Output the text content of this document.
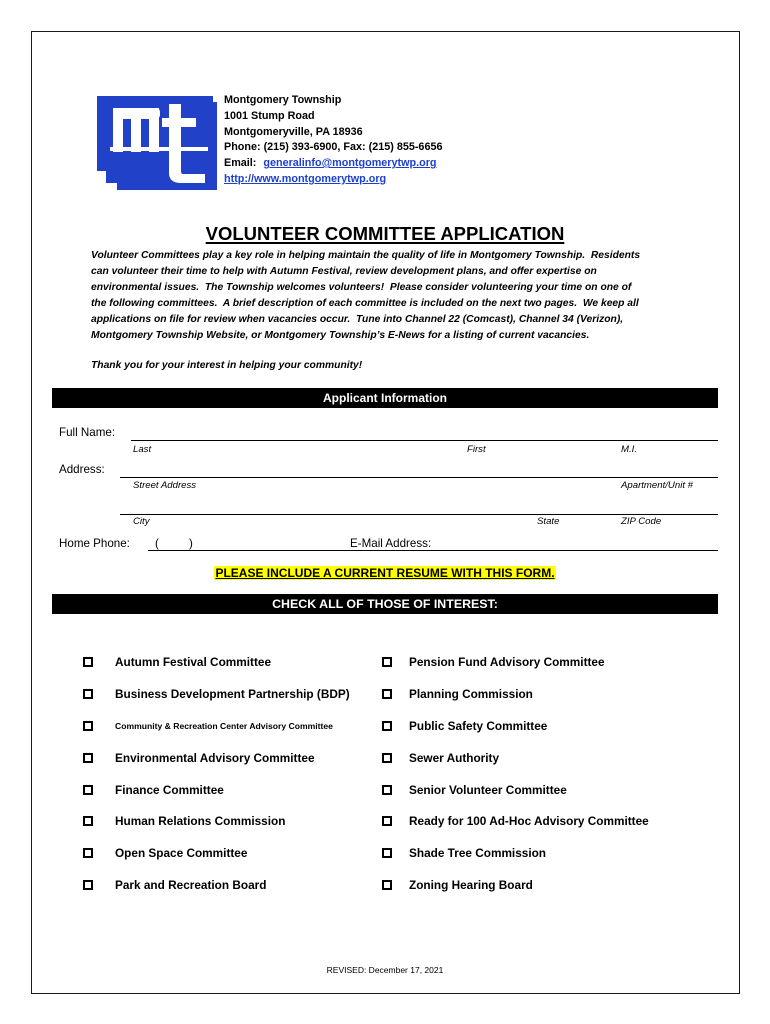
Montgomery Township
1001 Stump Road
Montgomeryville, PA 18936
Phone: (215) 393-6900, Fax: (215) 855-6656
Email: generalinfo@montgomerytwp.org
http://www.montgomerytwp.org
VOLUNTEER COMMITTEE APPLICATION
Volunteer Committees play a key role in helping maintain the quality of life in Montgomery Township.  Residents
can volunteer their time to help with Autumn Festival, review development plans, and offer expertise on
environmental issues.  The Township welcomes volunteers!  Please consider volunteering your time on one of
the following committees.  A brief description of each committee is included on the next two pages.  We keep all
applications on file for review when vacancies occur.  Tune into Channel 22 (Comcast), Channel 34 (Verizon),
Montgomery Township Website, or Montgomery Township’s E-News for a listing of current vacancies.
Thank you for your interest in helping your community!
Applicant Information
Full Name:
Last	First	M.I.
Address:
Street Address	Apartment/Unit #
City	State	ZIP Code
Home Phone: (	)	E-Mail Address:
PLEASE INCLUDE A CURRENT RESUME WITH THIS FORM.
CHECK ALL OF THOSE OF INTEREST:
Autumn Festival Committee
Business Development Partnership (BDP)
Community & Recreation Center Advisory Committee
Environmental Advisory Committee
Finance Committee
Human Relations Commission
Open Space Committee
Park and Recreation Board
Pension Fund Advisory Committee
Planning Commission
Public Safety Committee
Sewer Authority
Senior Volunteer Committee
Ready for 100 Ad-Hoc Advisory Committee
Shade Tree Commission
Zoning Hearing Board
REVISED: December 17, 2021
